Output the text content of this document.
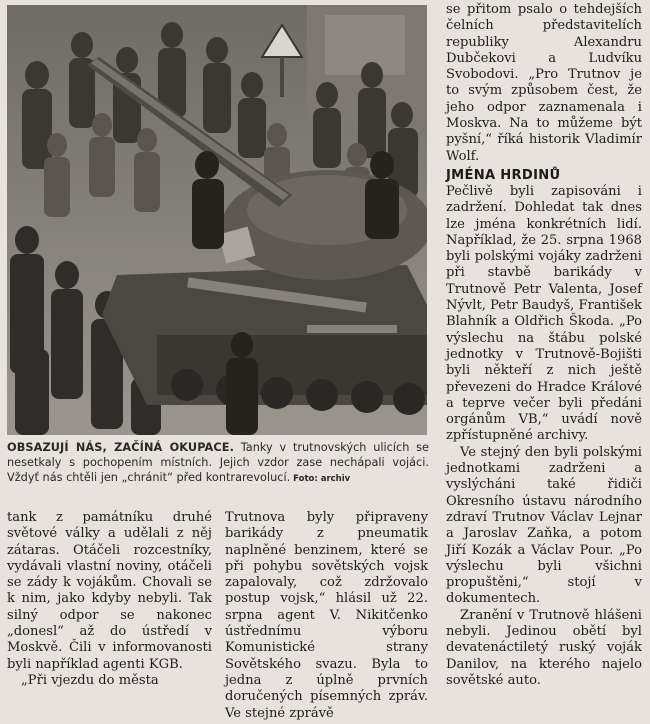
OBSAZUJÍ NÁS, ZAČÍNÁ OKUPACE. Tanky v trutnovských ulicích se nesetkaly s pochopením místních. Jejich vzdor zase nechápali vojáci. Vždyť nás chtěli jen „chránit“ před kontrarevolucí. Foto: archiv

se přitom psalo o tehdejších čelních představitelích republiky Alexandru Dubčekovi a Ludvíku Svobodovi. „Pro Trutnov je to svým způsobem čest, že jeho odpor zaznamenala i Moskva. Na to můžeme být pyšní,“ říká historik Vladimír Wolf.

JMÉNA HRDINŮ

Pečlivě byli zapisováni i zadržení. Dohledat tak dnes lze jména konkrétních lidí. Například, že 25. srpna 1968 byli polskými vojáky zadrženi při stavbě barikády v Trutnově Petr Valenta, Josef Nývlt, Petr Baudyš, František Blahník a Oldřich Škoda. „Po výslechu na štábu polské jednotky v Trutnově-Bojišti byli někteří z nich ještě převezeni do Hradce Králové a teprve večer byli předáni orgánům VB,“ uvádí nově zpřístupněné archivy.

Ve stejný den byli polskými jednotkami zadrženi a vyslýcháni také řidiči Okresního ústavu národního zdraví Trutnov Václav Lejnar a Jaroslav Zaňka, a potom Jiří Kozák a Václav Pour. „Po výslechu byli všichni propuštěni,“ stojí v dokumentech.

Zranění v Trutnově hlášeni nebyli. Jedinou obětí byl devatenáctiletý ruský voják Danilov, na kterého najelo sovětské auto.

tank z památníku druhé světové války a udělali z něj zátaras. Otáčeli rozcestníky, vydávali vlastní noviny, otáčeli se zády k vojákům. Chovali se k nim, jako kdyby nebyli. Tak silný odpor se nakonec „donesl“ až do ústředí v Moskvě. Čili v informovanosti byli například agenti KGB.

„Při vjezdu do města

Trutnova byly připraveny barikády z pneumatik naplněné benzinem, které se při pohybu sovětských vojsk zapalovaly, což zdržovalo postup vojsk,“ hlásil už 22. srpna agent V. Nikitčenko ústřednímu výboru Komunistické strany Sovětského svazu. Byla to jedna z úplně prvních doručených písemných zpráv. Ve stejné zprávě
